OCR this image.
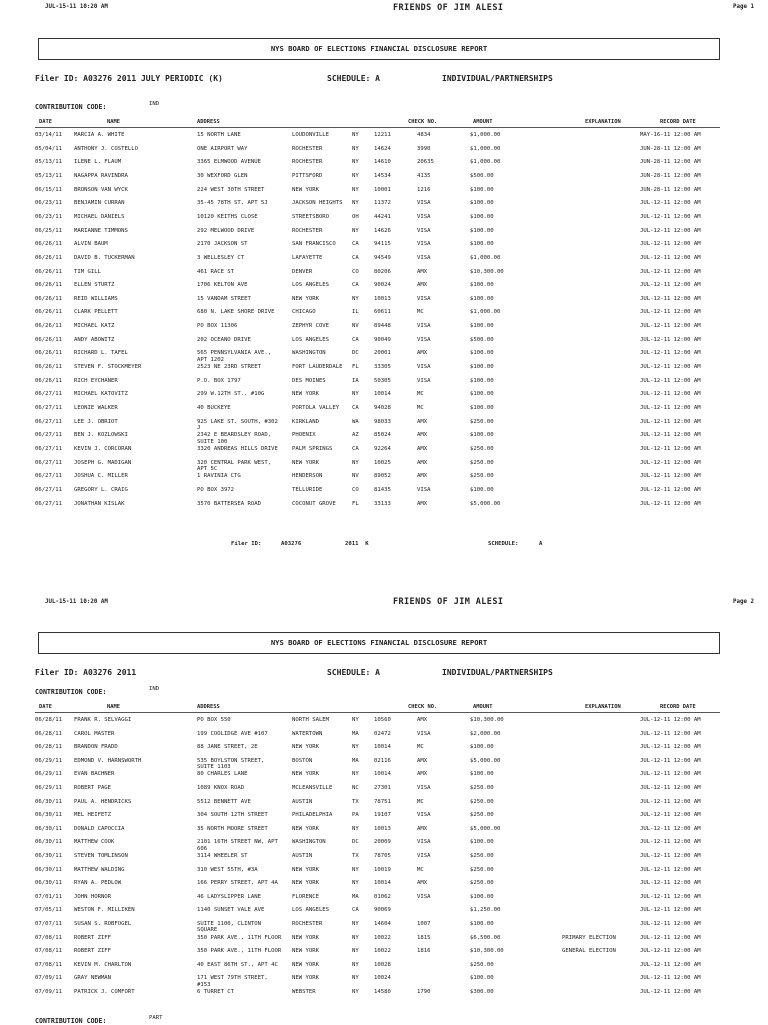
JUL-15-11 10:20 AM	FRIENDS OF JIM ALESI	Page 1
NYS BOARD OF ELECTIONS FINANCIAL DISCLOSURE REPORT
Filer ID: A03276 2011 JULY PERIODIC (K)	SCHEDULE: A	INDIVIDUAL/PARTNERSHIPS
CONTRIBUTION CODE:	IND
DATE	NAME	ADDRESS	CHECK NO.	AMOUNT	EXPLANATION	RECORD DATE
03/14/11 MARCIA A. WHITE	15 NORTH LANE	LOUDONVILLE	NY	12211	4834	$1,000.00	MAY-16-11 12:00 AM
05/04/11 ANTHONY J. COSTELLO	ONE AIRPORT WAY	ROCHESTER	NY	14624	3990	$1,000.00	JUN-28-11 12:00 AM
05/13/11 ILENE L. FLAUM	3365 ELMWOOD AVENUE	ROCHESTER	NY	14610	20635	$1,000.00	JUN-28-11 12:00 AM
05/13/11 NAGAPPA RAVINDRA	30 WEXFORD GLEN	PITTSFORD	NY	14534	4135	$500.00	JUN-28-11 12:00 AM
06/15/11 BRONSON VAN WYCK	224 WEST 30TH STREET	NEW YORK	NY	10001	1216	$100.00	JUN-28-11 12:00 AM
06/23/11 BENJAMIN CURRAN	35-45 78TH ST, APT 5J	JACKSON HEIGHTS NY	11372	VISA	$100.00	JUL-12-11 12:00 AM
06/23/11 MICHAEL DANIELS	10120 KEITHS CLOSE	STREETSBORO	OH	44241	VISA	$100.00	JUL-12-11 12:00 AM
06/25/11 MARIANNE TIMMONS	292 MELWOOD DRIVE	ROCHESTER	NY	14626	VISA	$100.00	JUL-12-11 12:00 AM
06/26/11 ALVIN BAUM	2170 JACKSON ST	SAN FRANCISCO	CA	94115	VISA	$100.00	JUL-12-11 12:00 AM
06/26/11 DAVID B. TUCKERMAN	3 WELLESLEY CT	LAFAYETTE	CA	94549	VISA	$1,000.00	JUL-12-11 12:00 AM
06/26/11 TIM GILL	461 RACE ST	DENVER	CO	80206	AMX	$10,300.00	JUL-12-11 12:00 AM
06/26/11 ELLEN STURTZ	1706 KELTON AVE	LOS ANGELES	CA	90024	AMX	$100.00	JUL-12-11 12:00 AM
06/26/11 REID WILLIAMS	15 VANDAM STREET	NEW YORK	NY	10013	VISA	$100.00	JUL-12-11 12:00 AM
06/26/11 CLARK PELLETT	680 N. LAKE SHORE DRIVE	CHICAGO	IL	60611	MC	$1,000.00	JUL-12-11 12:00 AM
06/26/11 MICHAEL KATZ	PO BOX 11306	ZEPHYR COVE	NV	89448	VISA	$100.00	JUL-12-11 12:00 AM
06/26/11 ANDY ABOWITZ	202 OCEANO DRIVE	LOS ANGELES	CA	90049	VISA	$500.00	JUL-12-11 12:00 AM
06/26/11 RICHARD L. TAFEL	565 PENNSYLVANIA AVE., APT 1202
WASHINGTON	DC	20001	AMX	$100.00	JUL-12-11 12:00 AM
06/26/11 STEVEN F. STOCKMEYER	2523 NE 23RD STREET	FORT LAUDERDALE FL	33305	VISA	$100.00	JUL-12-11 12:00 AM
06/26/11 RICH EYCHANER	P.O. BOX 1797	DES MOINES	IA	50305	VISA	$100.00	JUL-12-11 12:00 AM
06/27/11 MICHAEL KATOVITZ	299 W.12TH ST., #10G	NEW YORK	NY	10014	MC	$100.00	JUL-12-11 12:00 AM
06/27/11 LEONIE WALKER	40 BUCKEYE	PORTOLA VALLEY	CA	94028	MC	$100.00	JUL-12-11 12:00 AM
06/27/11 LEE J. OBRIOT	925 LAKE ST. SOUTH, #302 J
KIRKLAND	WA	98033	AMX	$250.00	JUL-12-11 12:00 AM
06/27/11 BEN J. KOZLOWSKI	2342 E BEARDSLEY ROAD, SUITE 100
PHOENIX	AZ	85024	AMX	$100.00	JUL-12-11 12:00 AM
06/27/11 KEVIN J. CORCORAN	3320 ANDREAS HILLS DRIVE	PALM SPRINGS	CA	92264	AMX	$250.00	JUL-12-11 12:00 AM
06/27/11 JOSEPH G. MADIGAN	320 CENTRAL PARK WEST, APT 5C
NEW YORK	NY	10025	AMX	$250.00	JUL-12-11 12:00 AM
06/27/11 JOSHUA C. MILLER	1 RAVINIA CTG	HENDERSON	NV	89052	AMX	$250.00	JUL-12-11 12:00 AM
06/27/11 GREGORY L. CRAIG	PO BOX 3972	TELLURIDE	CO	81435	VISA	$100.00	JUL-12-11 12:00 AM
06/27/11 JONATHAN KISLAK	3570 BATTERSEA ROAD	COCONUT GROVE	FL	33133	AMX	$5,000.00	JUL-12-11 12:00 AM
Filer ID:	A03276	2011  K	SCHEDULE:	A
JUL-15-11 10:20 AM	FRIENDS OF JIM ALESI	Page 2
NYS BOARD OF ELECTIONS FINANCIAL DISCLOSURE REPORT
Filer ID: A03276 2011	SCHEDULE: A	INDIVIDUAL/PARTNERSHIPS
CONTRIBUTION CODE:	IND
DATE	NAME	ADDRESS	CHECK NO.	AMOUNT	EXPLANATION	RECORD DATE
06/28/11 FRANK R. SELVAGGI	PO BOX 550	NORTH SALEM	NY	10560	AMX	$10,300.00	JUL-12-11 12:00 AM
06/28/11 CAROL MASTER	199 COOLIDGE AVE #107	WATERTOWN	MA	02472	VISA	$2,000.00	JUL-12-11 12:00 AM
06/28/11 BRANDON FRADD	88 JANE STREET, 2E	NEW YORK	NY	10014	MC	$100.00	JUL-12-11 12:00 AM
06/29/11 EDMOND V. HARNSWORTH	535 BOYLSTON STREET, SUITE 1103
BOSTON	MA	02116	AMX	$5,000.00	JUL-12-11 12:00 AM
06/29/11 EVAN BACHNER	80 CHARLES LANE	NEW YORK	NY	10014	AMX	$100.00	JUL-12-11 12:00 AM
06/29/11 ROBERT PAGE	1089 KNOX ROAD	MCLEANSVILLE	NC	27301	VISA	$250.00	JUL-12-11 12:00 AM
06/30/11 PAUL A. HENDRICKS	5512 BENNETT AVE	AUSTIN	TX	78751	MC	$250.00	JUL-12-11 12:00 AM
06/30/11 MEL HEIFETZ	304 SOUTH 12TH STREET	PHILADELPHIA	PA	19107	VISA	$250.00	JUL-12-11 12:00 AM
06/30/11 DONALD CAPOCCIA	35 NORTH MOORE STREET	NEW YORK	NY	10013	AMX	$5,000.00	JUL-12-11 12:00 AM
06/30/11 MATTHEW COOK	2101 16TH STREET NW, APT 606
WASHINGTON	DC	20009	VISA	$100.00	JUL-12-11 12:00 AM
06/30/11 STEVEN TOMLINSON	3114 WHEELER ST	AUSTIN	TX	78705	VISA	$250.00	JUL-12-11 12:00 AM
06/30/11 MATTHEW WALDING	310 WEST 55TH, #3A	NEW YORK	NY	10019	MC	$250.00	JUL-12-11 12:00 AM
06/30/11 RYAN A. PEDLOW	166 PERRY STREET, APT 4A	NEW YORK	NY	10014	AMX	$250.00	JUL-12-11 12:00 AM
07/01/11 JOHN HORNOR	46 LADYSLIPPER LANE	FLORENCE	MA	01062	VISA	$100.00	JUL-12-11 12:00 AM
07/05/11 WESTON F. MILLIKEN	1140 SUNSET VALE AVE	LOS ANGELES	CA	90069	$1,250.00	JUL-12-11 12:00 AM
07/07/11 SUSAN S. ROBFOGEL	SUITE 1100, CLINTON SQUARE
ROCHESTER	NY	14604	1007	$100.00	JUL-12-11 12:00 AM
07/08/11 ROBERT ZIFF	350 PARK AVE., 11TH FLOOR	NEW YORK	NY	10022	1815	$6,500.00	PRIMARY ELECTION	JUL-12-11 12:00 AM
07/08/11 ROBERT ZIFF	350 PARK AVE., 11TH FLOOR	NEW YORK	NY	10022	1816	$10,300.00	GENERAL ELECTION	JUL-12-11 12:00 AM
07/08/11 KEVIN M. CHARLTON	40 EAST 86TH ST., APT 4C	NEW YORK	NY	10028	$250.00	JUL-12-11 12:00 AM
07/09/11 GRAY NEWMAN	171 WEST 79TH STREET, #153
NEW YORK	NY	10024	$100.00	JUL-12-11 12:00 AM
07/09/11 PATRICK J. COMFORT	6 TURRET CT	WEBSTER	NY	14580	1790	$300.00	JUL-12-11 12:00 AM
CONTRIBUTION CODE:	PART
